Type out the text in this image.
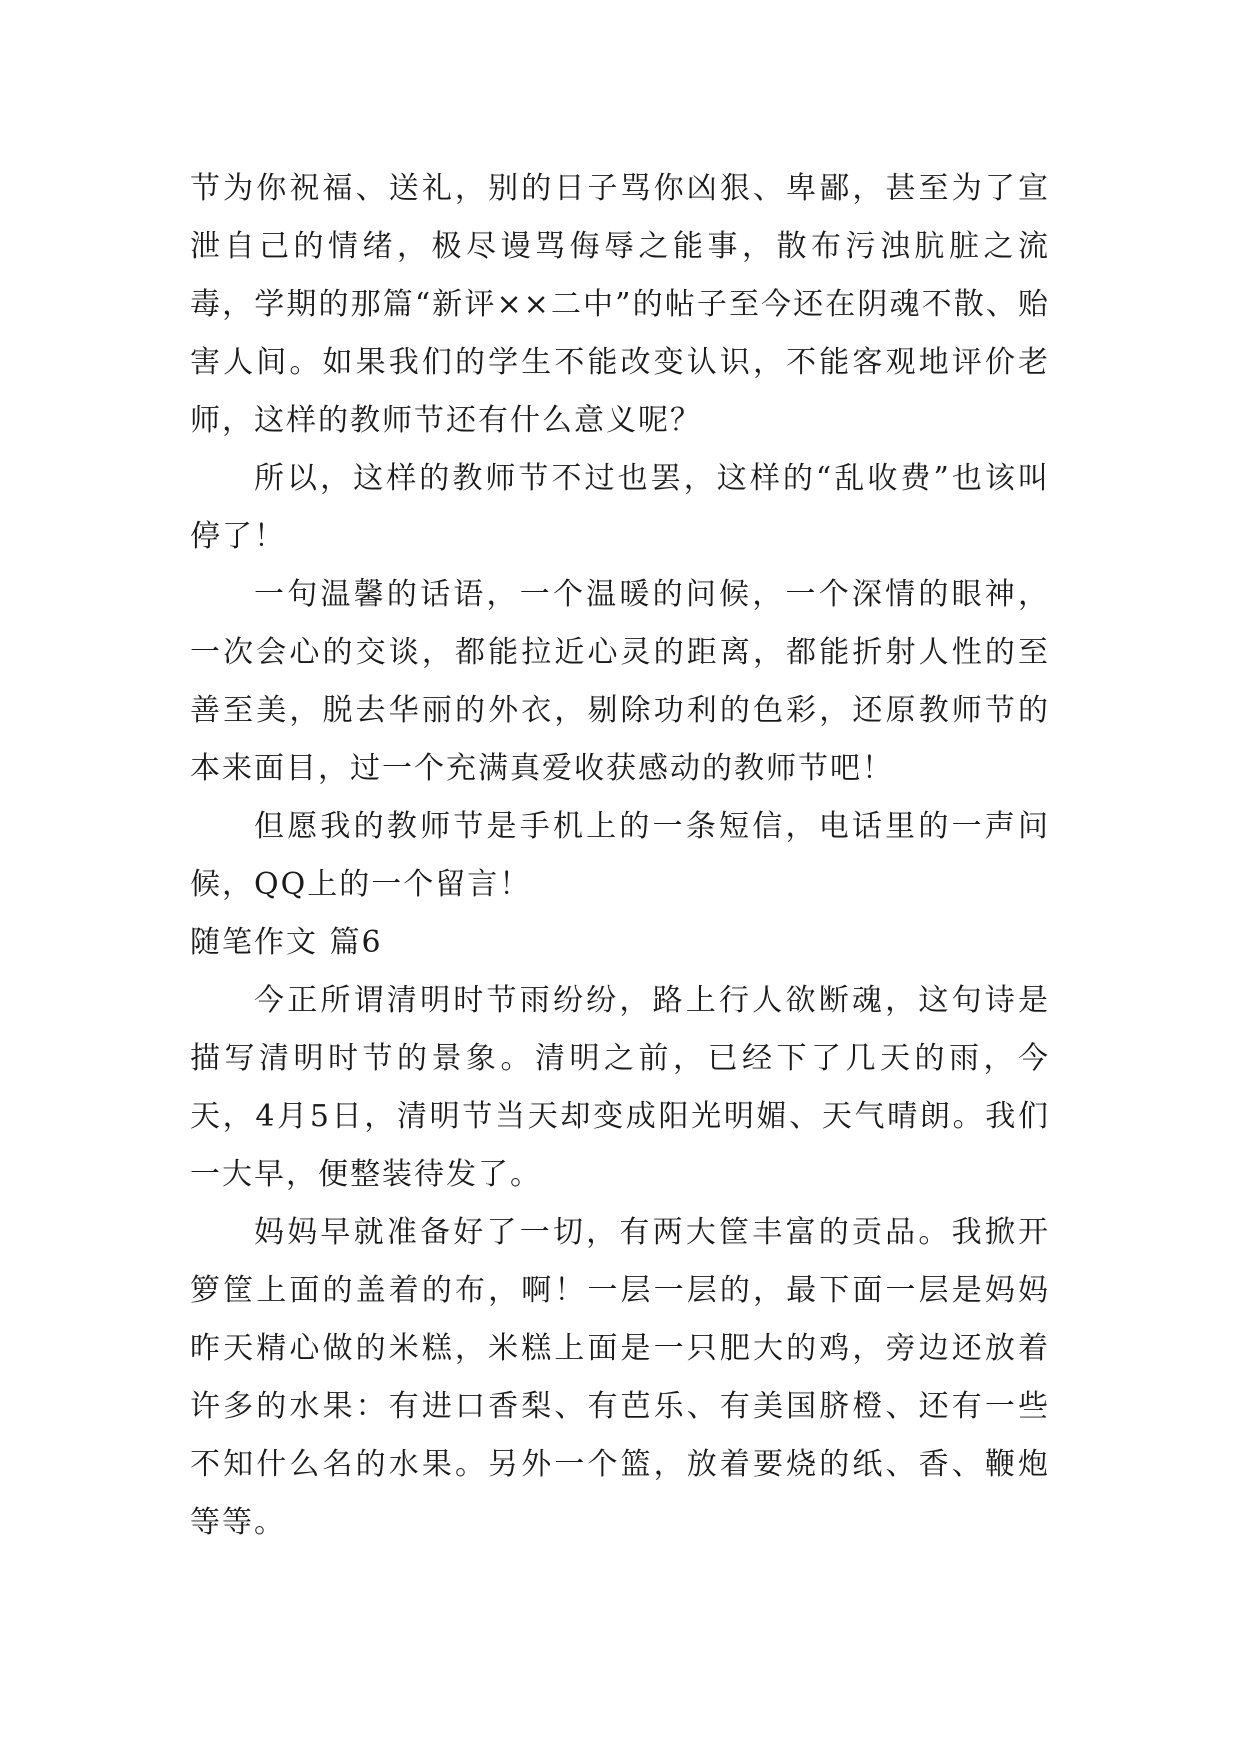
节为你祝福、送礼，别的日子骂你凶狠、卑鄙，甚至为了宣泄自己的情绪，极尽谩骂侮辱之能事，散布污浊肮脏之流毒，学期的那篇“新评××二中”的帖子至今还在阴魂不散、贻害人间。如果我们的学生不能改变认识，不能客观地评价老师，这样的教师节还有什么意义呢？

所以，这样的教师节不过也罢，这样的“乱收费”也该叫停了！

一句温馨的话语，一个温暖的问候，一个深情的眼神，一次会心的交谈，都能拉近心灵的距离，都能折射人性的至善至美，脱去华丽的外衣，剔除功利的色彩，还原教师节的本来面目，过一个充满真爱收获感动的教师节吧！

但愿我的教师节是手机上的一条短信，电话里的一声问候，QQ上的一个留言！

随笔作文 篇6

今正所谓清明时节雨纷纷，路上行人欲断魂，这句诗是描写清明时节的景象。清明之前，已经下了几天的雨，今天，4月5日，清明节当天却变成阳光明媚、天气晴朗。我们一大早，便整装待发了。

妈妈早就准备好了一切，有两大筐丰富的贡品。我掀开箩筐上面的盖着的布，啊！一层一层的，最下面一层是妈妈昨天精心做的米糕，米糕上面是一只肥大的鸡，旁边还放着许多的水果：有进口香梨、有芭乐、有美国脐橙、还有一些不知什么名的水果。另外一个篮，放着要烧的纸、香、鞭炮等等。
